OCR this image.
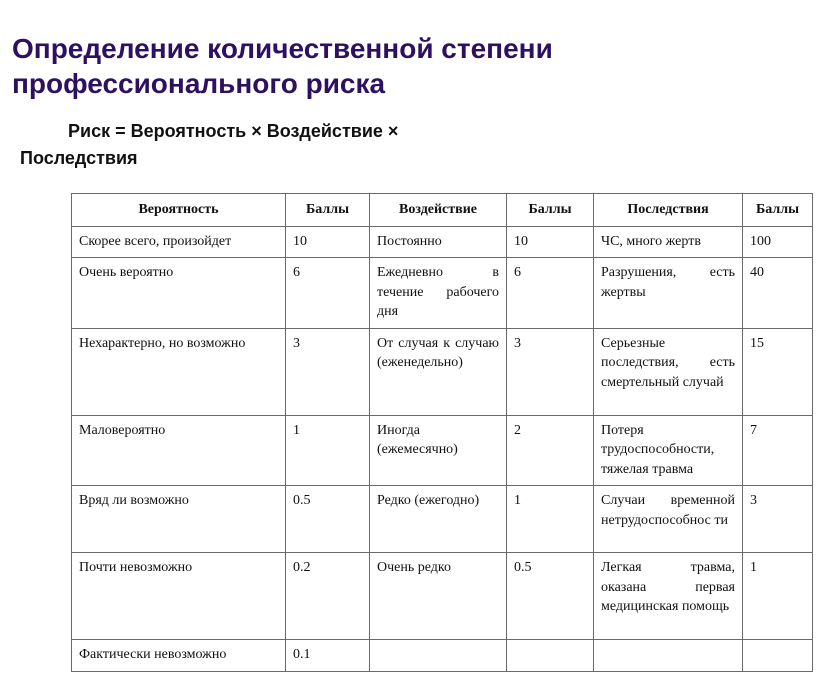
Определение количественной степени
профессионального риска

Риск = Вероятность × Воздействие × Последствия

Вероятность	Баллы	Воздействие	Баллы	Последствия	Баллы
Скорее всего, произойдет	10	Постоянно	10	ЧС, много жертв	100
Очень вероятно	6	Ежедневно в течение рабочего дня	6	Разрушения, есть жертвы	40
Нехарактерно, но возможно	3	От случая к случаю (еженедельно)	3	Серьезные последствия, есть смертельный случай	15
Маловероятно	1	Иногда (ежемесячно)	2	Потеря трудоспособности, тяжелая травма	7
Вряд ли возможно	0.5	Редко (ежегодно)	1	Случаи временной нетрудоспособнос ти	3
Почти невозможно	0.2	Очень редко	0.5	Легкая травма, оказана первая медицинская помощь	1
Фактически невозможно	0.1				
